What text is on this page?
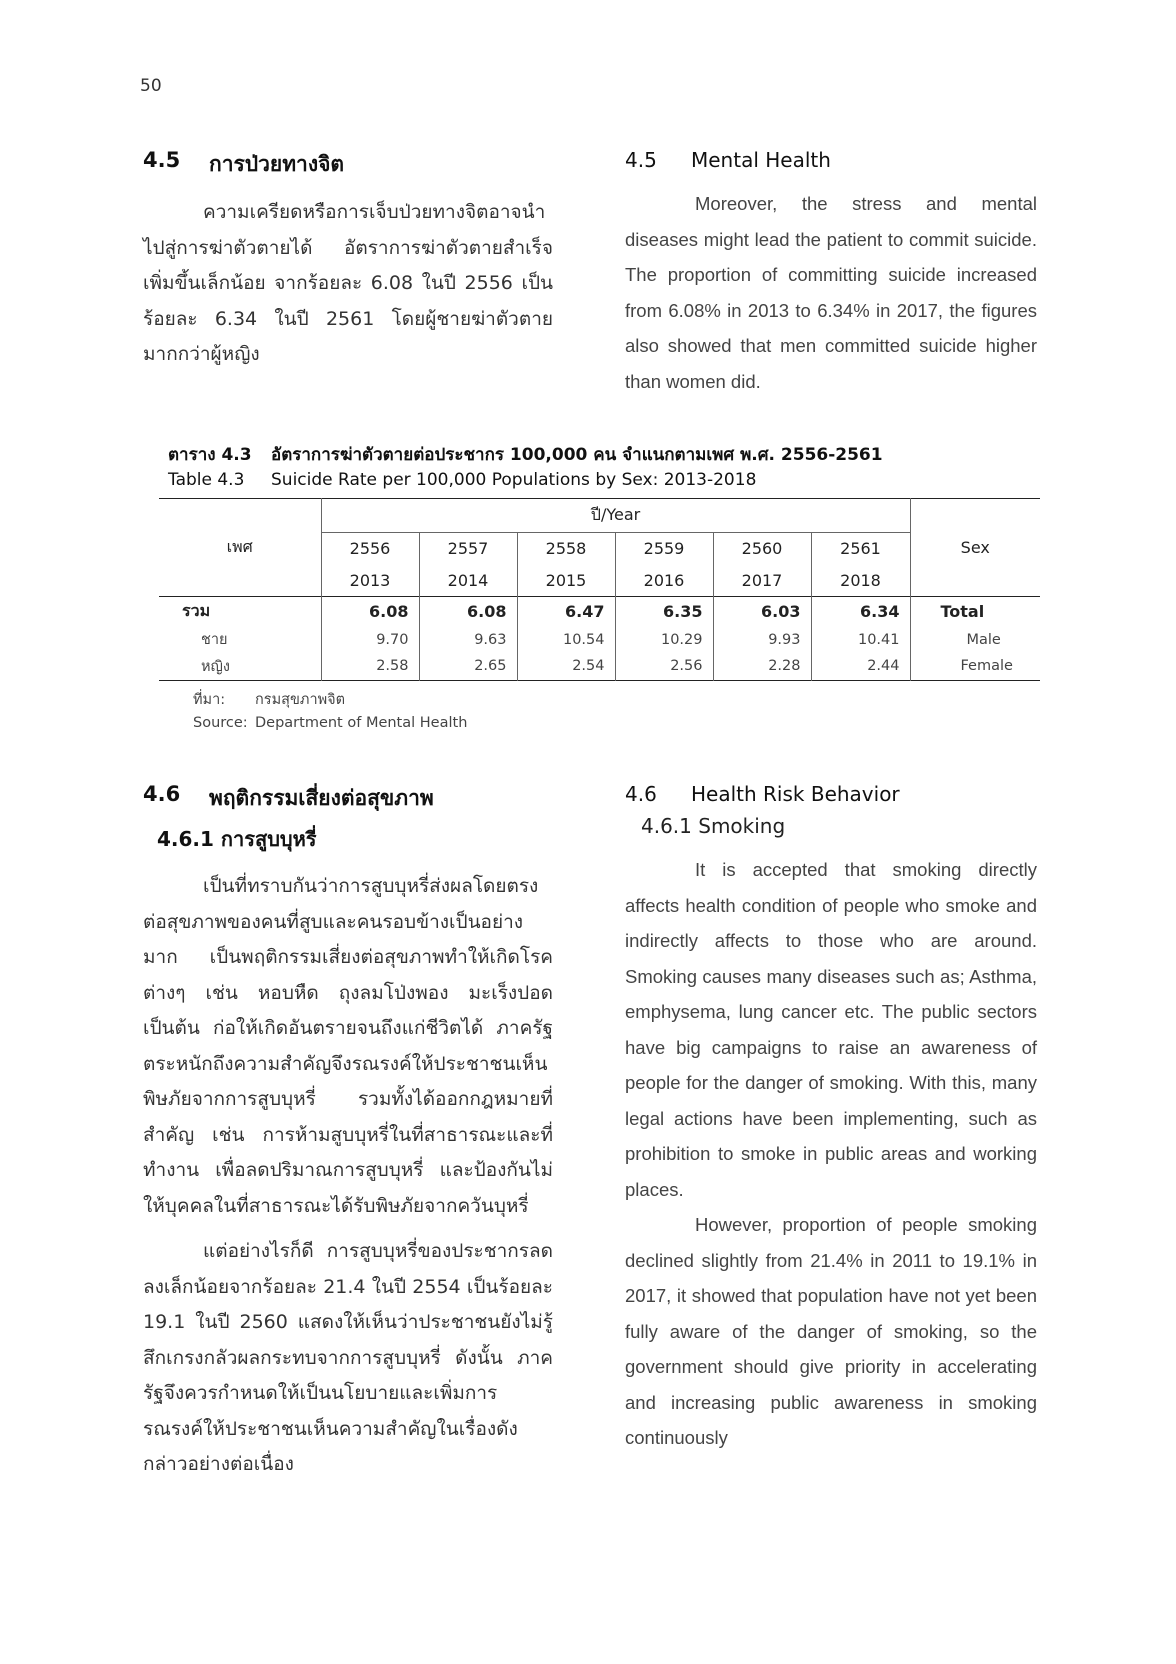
50
4.5	การป่วยทางจิต

ความเครียดหรือการเจ็บป่วยทางจิตอาจนำไปสู่การฆ่าตัวตายได้ อัตราการฆ่าตัวตายสำเร็จเพิ่มขึ้นเล็กน้อย จากร้อยละ 6.08 ในปี 2556 เป็นร้อยละ 6.34 ในปี 2561 โดยผู้ชายฆ่าตัวตายมากกว่าผู้หญิง

4.5	Mental Health

Moreover, the stress and mental diseases might lead the patient to commit suicide. The proportion of committing suicide increased from 6.08% in 2013 to 6.34% in 2017, the figures also showed that men committed suicide higher than women did.

ตาราง 4.3 อัตราการฆ่าตัวตายต่อประชากร 100,000 คน จำแนกตามเพศ พ.ศ. 2556-2561
Table 4.3 Suicide Rate per 100,000 Populations by Sex: 2013-2018
เพศ	ปี/Year						Sex
	2556	2557	2558	2559	2560	2561	
	2013	2014	2015	2016	2017	2018	
รวม	6.08	6.08	6.47	6.35	6.03	6.34	Total
ชาย	9.70	9.63	10.54	10.29	9.93	10.41	Male
หญิง	2.58	2.65	2.54	2.56	2.28	2.44	Female
ที่มา: กรมสุขภาพจิต
Source: Department of Mental Health
4.6	พฤติกรรมเสี่ยงต่อสุขภาพ
4.6.1 การสูบบุหรี่

เป็นที่ทราบกันว่าการสูบบุหรี่ส่งผลโดยตรงต่อสุขภาพของคนที่สูบและคนรอบข้างเป็นอย่างมาก เป็นพฤติกรรมเสี่ยงต่อสุขภาพทำให้เกิดโรคต่างๆ เช่น หอบหืด ถุงลมโป่งพอง มะเร็งปอด เป็นต้น ก่อให้เกิดอันตรายจนถึงแก่ชีวิตได้ ภาครัฐตระหนักถึงความสำคัญจึงรณรงค์ให้ประชาชนเห็นพิษภัยจากการสูบบุหรี่ รวมทั้งได้ออกกฎหมายที่สำคัญ เช่น การห้ามสูบบุหรี่ในที่สาธารณะและที่ทำงาน เพื่อลดปริมาณการสูบบุหรี่ และป้องกันไม่ให้บุคคลในที่สาธารณะได้รับพิษภัยจากควันบุหรี่

แต่อย่างไรก็ดี การสูบบุหรี่ของประชากรลดลงเล็กน้อยจากร้อยละ 21.4 ในปี 2554 เป็นร้อยละ 19.1 ในปี 2560 แสดงให้เห็นว่าประชาชนยังไม่รู้สึกเกรงกลัวผลกระทบจากการสูบบุหรี่ ดังนั้น ภาครัฐจึงควรกำหนดให้เป็นนโยบายและเพิ่มการรณรงค์ให้ประชาชนเห็นความสำคัญในเรื่องดังกล่าวอย่างต่อเนื่อง

4.6	Health Risk Behavior
4.6.1 Smoking

It is accepted that smoking directly affects health condition of people who smoke and indirectly affects to those who are around. Smoking causes many diseases such as; Asthma, emphysema, lung cancer etc. The public sectors have big campaigns to raise an awareness of people for the danger of smoking. With this, many legal actions have been implementing, such as prohibition to smoke in public areas and working places.

However, proportion of people smoking declined slightly from 21.4% in 2011 to 19.1% in 2017, it showed that population have not yet been fully aware of the danger of smoking, so the government should give priority in accelerating and increasing public awareness in smoking continuously
